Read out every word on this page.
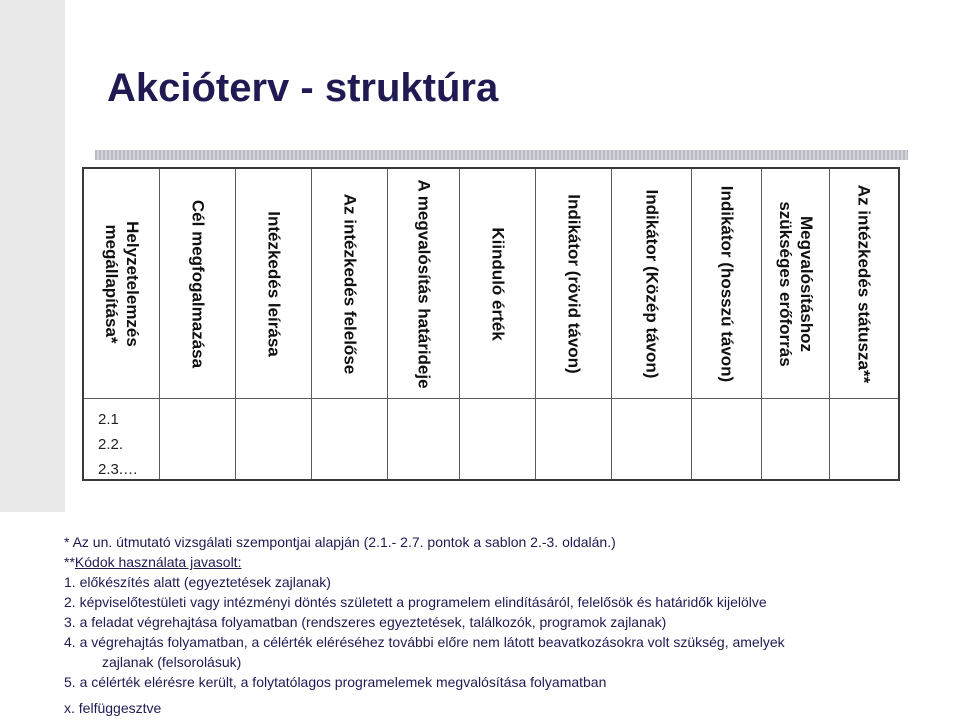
Akcióterv - struktúra
Helyzetelemzés megállapítása*	Cél megfogalmazása	Intézkedés leírása	Az intézkedés felelőse	A megvalósítás határideje	Kiinduló érték	Indikátor (rövid távon)	Indikátor (Közép távon)	Indikátor (hosszú távon)	Megvalósításhoz szükséges erőforrás	Az intézkedés státusza**
2.1
2.2.
2.3.…
* Az un. útmutató vizsgálati szempontjai alapján (2.1.- 2.7. pontok a sablon 2.-3. oldalán.)
**Kódok használata javasolt:
1. előkészítés alatt (egyeztetések zajlanak)
2. képviselőtestületi vagy intézményi döntés született a programelem elindításáról, felelősök és határidők kijelölve
3. a feladat végrehajtása folyamatban (rendszeres egyeztetések, találkozók, programok zajlanak)
4. a végrehajtás folyamatban, a célérték eléréséhez további előre nem látott beavatkozásokra volt szükség, amelyek
zajlanak (felsorolásuk)
5. a célérték elérésre került, a folytatólagos programelemek megvalósítása folyamatban
x. felfüggesztve
